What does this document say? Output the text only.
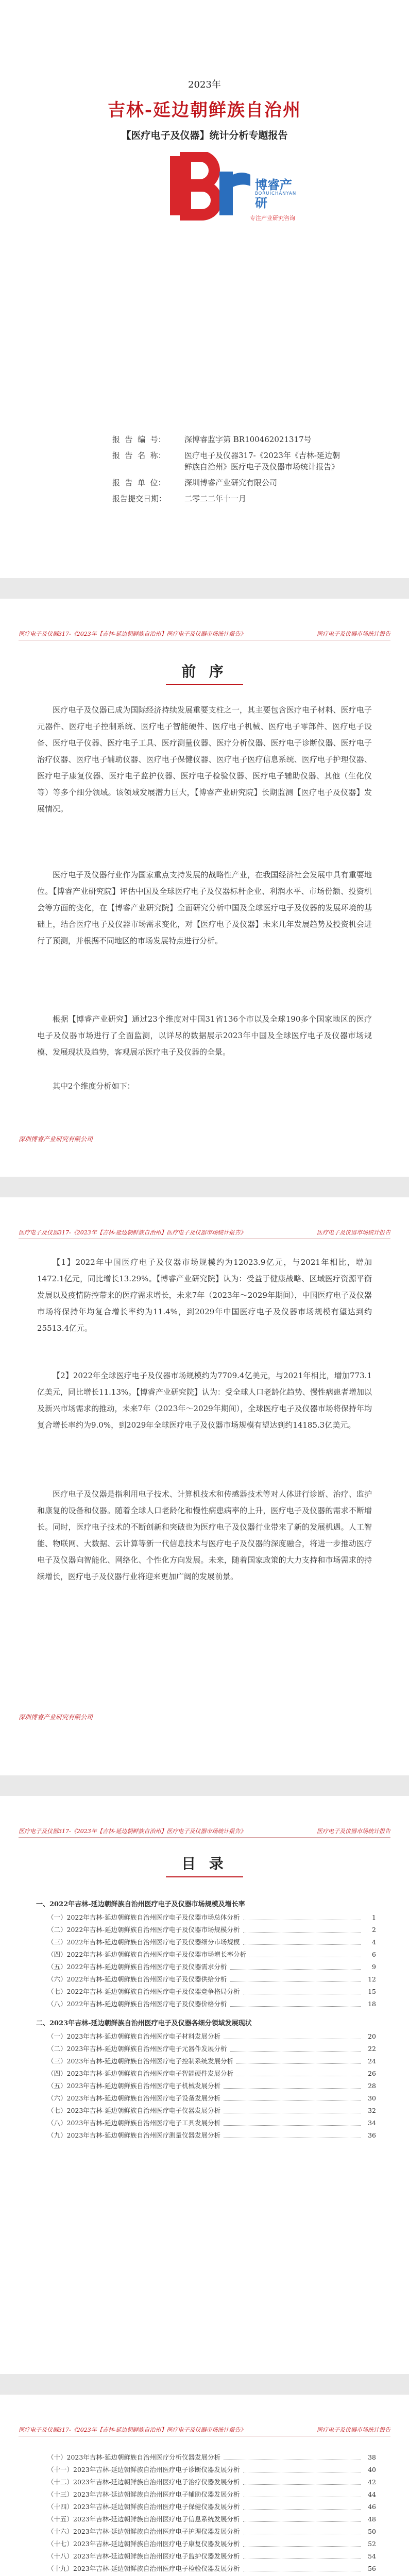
2023年
吉林-延边朝鲜族自治州
【医疗电子及仪器】统计分析专题报告
博睿产研
BORUICHANYAN
专注产业研究咨询
报  告  编  号：	深博睿监字第 BR100462021317号
报  告  名  称：	医疗电子及仪器317-《2023年《吉林-延边朝鲜族自治州》医疗电子及仪器市场统计报告》
报  告  单  位：	深圳博睿产业研究有限公司
报告提交日期：	二零二二年十一月
医疗电子及仪器317-《2023年【吉林-延边朝鲜族自治州】医疗电子及仪器市场统计报告》	医疗电子及仪器市场统计报告
前 序
医疗电子及仪器已成为国际经济持续发展重要支柱之一，其主要包含医疗电子材料、医疗电子元器件、医疗电子控制系统、医疗电子智能硬件、医疗电子机械、医疗电子零部件、医疗电子设备、医疗电子仪器、医疗电子工具、医疗测量仪器、医疗分析仪器、医疗电子诊断仪器、医疗电子治疗仪器、医疗电子辅助仪器、医疗电子保健仪器、医疗电子医疗信息系统、医疗电子护理仪器、医疗电子康复仪器、医疗电子监护仪器、医疗电子检验仪器、医疗电子辅助仪器、其他（生化仪等）等多个细分领域。该领域发展潜力巨大，【博睿产业研究院】长期监测【医疗电子及仪器】发展情况。
医疗电子及仪器行业作为国家重点支持发展的战略性产业，在我国经济社会发展中具有重要地位。【博睿产业研究院】评估中国及全球医疗电子及仪器标杆企业、利润水平、市场份额、投资机会等方面的变化，在【博睿产业研究院】全面研究分析中国及全球医疗电子及仪器的发展环境的基础上，结合医疗电子及仪器市场需求变化，对【医疗电子及仪器】未来几年发展趋势及投资机会进行了预测，并根据不同地区的市场发展特点进行分析。
根据【博睿产业研究】通过23个维度对中国31省136个市以及全球190多个国家地区的医疗电子及仪器市场进行了全面监测，以详尽的数据展示2023年中国及全球医疗电子及仪器市场规模、发展现状及趋势，客观展示医疗电子及仪器的全景。
其中2个维度分析如下：
深圳博睿产业研究有限公司
医疗电子及仪器317-《2023年【吉林-延边朝鲜族自治州】医疗电子及仪器市场统计报告》	医疗电子及仪器市场统计报告
【1】2022年中国医疗电子及仪器市场规模约为12023.9亿元，与2021年相比，增加1472.1亿元，同比增长13.29%。【博睿产业研究院】认为：受益于健康战略、区域医疗资源平衡发展以及疫情防控带来的医疗需求增长，未来7年（2023年～2029年期间），中国医疗电子及仪器市场将保持年均复合增长率约为11.4%，到2029年中国医疗电子及仪器市场规模有望达到约25513.4亿元。
【2】2022年全球医疗电子及仪器市场规模约为7709.4亿美元，与2021年相比，增加773.1亿美元，同比增长11.13%。【博睿产业研究院】认为：受全球人口老龄化趋势、慢性病患者增加以及新兴市场需求的推动，未来7年（2023年～2029年期间），全球医疗电子及仪器市场将保持年均复合增长率约为9.0%，到2029年全球医疗电子及仪器市场规模有望达到约14185.3亿美元。
医疗电子及仪器是指利用电子技术、计算机技术和传感器技术等对人体进行诊断、治疗、监护和康复的设备和仪器。随着全球人口老龄化和慢性病患病率的上升，医疗电子及仪器的需求不断增长。同时，医疗电子技术的不断创新和突破也为医疗电子及仪器行业带来了新的发展机遇。人工智能、物联网、大数据、云计算等新一代信息技术与医疗电子及仪器的深度融合，将进一步推动医疗电子及仪器向智能化、网络化、个性化方向发展。未来，随着国家政策的大力支持和市场需求的持续增长，医疗电子及仪器行业将迎来更加广阔的发展前景。
深圳博睿产业研究有限公司
医疗电子及仪器317-《2023年【吉林-延边朝鲜族自治州】医疗电子及仪器市场统计报告》	医疗电子及仪器市场统计报告
目 录
一、2022年吉林-延边朝鲜族自治州医疗电子及仪器市场规模及增长率
（一）2022年吉林-延边朝鲜族自治州医疗电子及仪器市场总体分析	1
（二）2022年吉林-延边朝鲜族自治州医疗电子及仪器市场规模分析	2
（三）2022年吉林-延边朝鲜族自治州医疗电子及仪器细分市场规模	4
（四）2022年吉林-延边朝鲜族自治州医疗电子及仪器市场增长率分析	6
（五）2022年吉林-延边朝鲜族自治州医疗电子及仪器需求分析	9
（六）2022年吉林-延边朝鲜族自治州医疗电子及仪器供给分析	12
（七）2022年吉林-延边朝鲜族自治州医疗电子及仪器竞争格局分析	15
（八）2022年吉林-延边朝鲜族自治州医疗电子及仪器价格分析	18
二、2023年吉林-延边朝鲜族自治州医疗电子及仪器各细分领域发展现状
（一）2023年吉林-延边朝鲜族自治州医疗电子材料发展分析	20
（二）2023年吉林-延边朝鲜族自治州医疗电子元器件发展分析	22
（三）2023年吉林-延边朝鲜族自治州医疗电子控制系统发展分析	24
（四）2023年吉林-延边朝鲜族自治州医疗电子智能硬件发展分析	26
（五）2023年吉林-延边朝鲜族自治州医疗电子机械发展分析	28
（六）2023年吉林-延边朝鲜族自治州医疗电子设备发展分析	30
（七）2023年吉林-延边朝鲜族自治州医疗电子仪器发展分析	32
（八）2023年吉林-延边朝鲜族自治州医疗电子工具发展分析	34
（九）2023年吉林-延边朝鲜族自治州医疗测量仪器发展分析	36
医疗电子及仪器317-《2023年【吉林-延边朝鲜族自治州】医疗电子及仪器市场统计报告》	医疗电子及仪器市场统计报告
（十）2023年吉林-延边朝鲜族自治州医疗分析仪器发展分析	38
（十一）2023年吉林-延边朝鲜族自治州医疗电子诊断仪器发展分析	40
（十二）2023年吉林-延边朝鲜族自治州医疗电子治疗仪器发展分析	42
（十三）2023年吉林-延边朝鲜族自治州医疗电子辅助仪器发展分析	44
（十四）2023年吉林-延边朝鲜族自治州医疗电子保健仪器发展分析	46
（十五）2023年吉林-延边朝鲜族自治州医疗电子信息系统发展分析	48
（十六）2023年吉林-延边朝鲜族自治州医疗电子护理仪器发展分析	50
（十七）2023年吉林-延边朝鲜族自治州医疗电子康复仪器发展分析	52
（十八）2023年吉林-延边朝鲜族自治州医疗电子监护仪器发展分析	54
（十九）2023年吉林-延边朝鲜族自治州医疗电子检验仪器发展分析	56
